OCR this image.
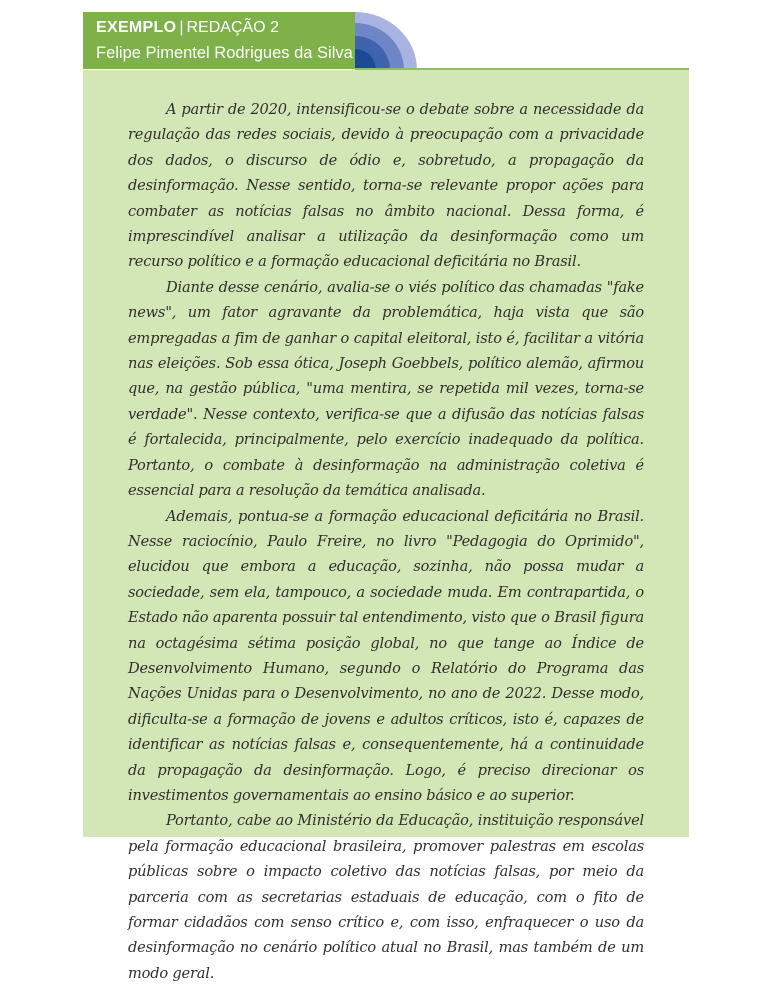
EXEMPLO | REDAÇÃO 2
Felipe Pimentel Rodrigues da Silva

A partir de 2020, intensificou-se o debate sobre a necessidade da regulação das redes sociais, devido à preocupação com a privacidade dos dados, o discurso de ódio e, sobretudo, a propagação da desinformação. Nesse sentido, torna-se relevante propor ações para combater as notícias falsas no âmbito nacional. Dessa forma, é imprescindível analisar a utilização da desinformação como um recurso político e a formação educacional deficitária no Brasil.

Diante desse cenário, avalia-se o viés político das chamadas "fake news", um fator agravante da problemática, haja vista que são empregadas a fim de ganhar o capital eleitoral, isto é, facilitar a vitória nas eleições. Sob essa ótica, Joseph Goebbels, político alemão, afirmou que, na gestão pública, "uma mentira, se repetida mil vezes, torna-se verdade". Nesse contexto, verifica-se que a difusão das notícias falsas é fortalecida, principalmente, pelo exercício inadequado da política. Portanto, o combate à desinformação na administração coletiva é essencial para a resolução da temática analisada.

Ademais, pontua-se a formação educacional deficitária no Brasil. Nesse raciocínio, Paulo Freire, no livro "Pedagogia do Oprimido", elucidou que embora a educação, sozinha, não possa mudar a sociedade, sem ela, tampouco, a sociedade muda. Em contrapartida, o Estado não aparenta possuir tal entendimento, visto que o Brasil figura na octagésima sétima posição global, no que tange ao Índice de Desenvolvimento Humano, segundo o Relatório do Programa das Nações Unidas para o Desenvolvimento, no ano de 2022. Desse modo, dificulta-se a formação de jovens e adultos críticos, isto é, capazes de identificar as notícias falsas e, consequentemente, há a continuidade da propagação da desinformação. Logo, é preciso direcionar os investimentos governamentais ao ensino básico e ao superior.

Portanto, cabe ao Ministério da Educação, instituição responsável pela formação educacional brasileira, promover palestras em escolas públicas sobre o impacto coletivo das notícias falsas, por meio da parceria com as secretarias estaduais de educação, com o fito de formar cidadãos com senso crítico e, com isso, enfraquecer o uso da desinformação no cenário político atual no Brasil, mas também de um modo geral.
